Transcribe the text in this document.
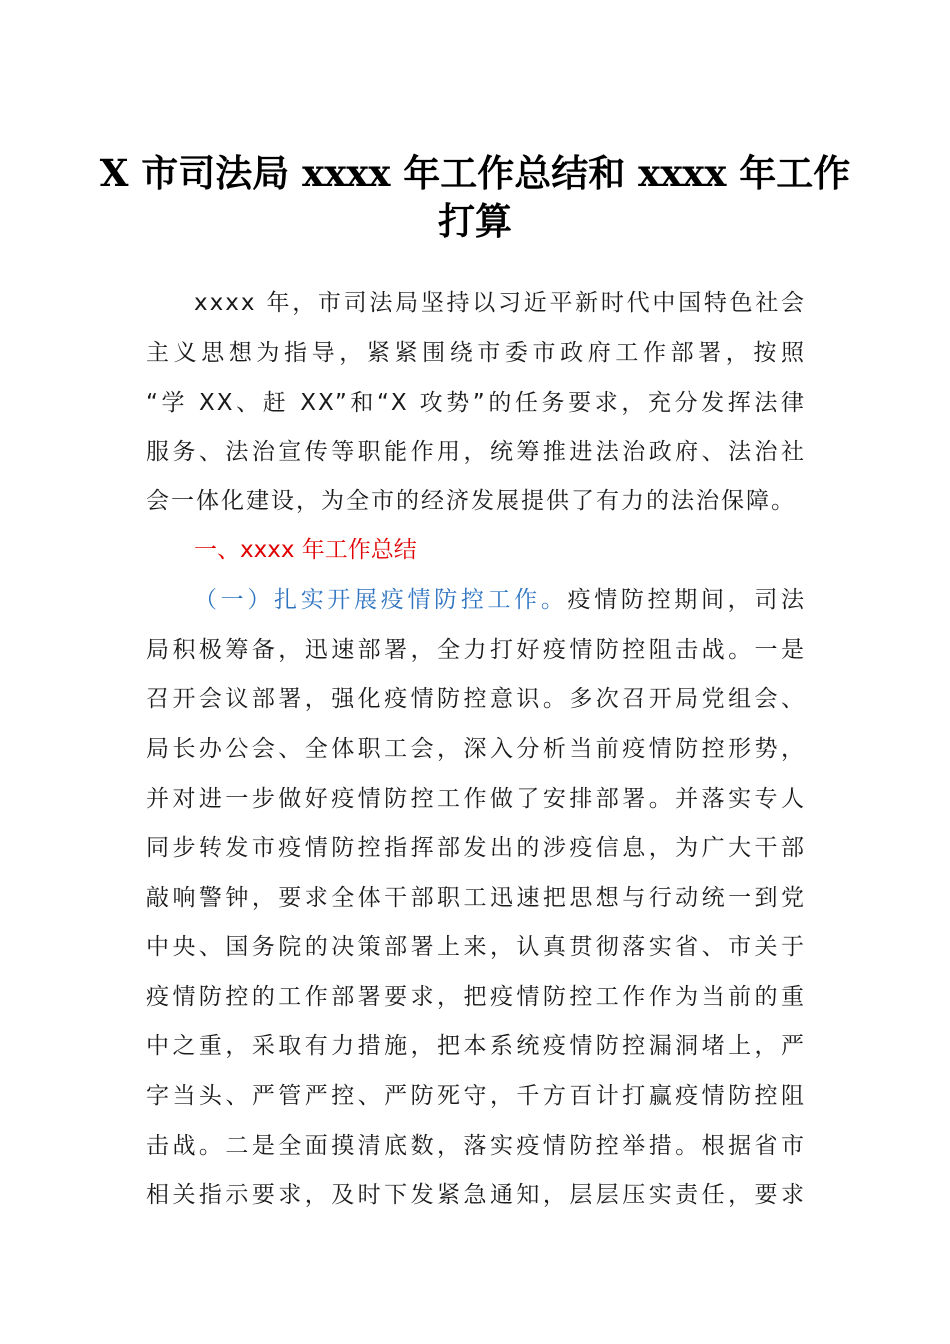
X 市司法局 xxxx 年工作总结和 xxxx 年工作
打算
xxxx 年，市司法局坚持以习近平新时代中国特色社会
主义思想为指导，紧紧围绕市委市政府工作部署，按照
“学 XX、赶 XX”和“X 攻势”的任务要求，充分发挥法律
服务、法治宣传等职能作用，统筹推进法治政府、法治社
会一体化建设，为全市的经济发展提供了有力的法治保障。
一、xxxx 年工作总结
（一）扎实开展疫情防控工作。疫情防控期间，司法
局积极筹备，迅速部署，全力打好疫情防控阻击战。一是
召开会议部署，强化疫情防控意识。多次召开局党组会、
局长办公会、全体职工会，深入分析当前疫情防控形势，
并对进一步做好疫情防控工作做了安排部署。并落实专人
同步转发市疫情防控指挥部发出的涉疫信息，为广大干部
敲响警钟，要求全体干部职工迅速把思想与行动统一到党
中央、国务院的决策部署上来，认真贯彻落实省、市关于
疫情防控的工作部署要求，把疫情防控工作作为当前的重
中之重，采取有力措施，把本系统疫情防控漏洞堵上，严
字当头、严管严控、严防死守，千方百计打赢疫情防控阻
击战。二是全面摸清底数，落实疫情防控举措。根据省市
相关指示要求，及时下发紧急通知，层层压实责任，要求
